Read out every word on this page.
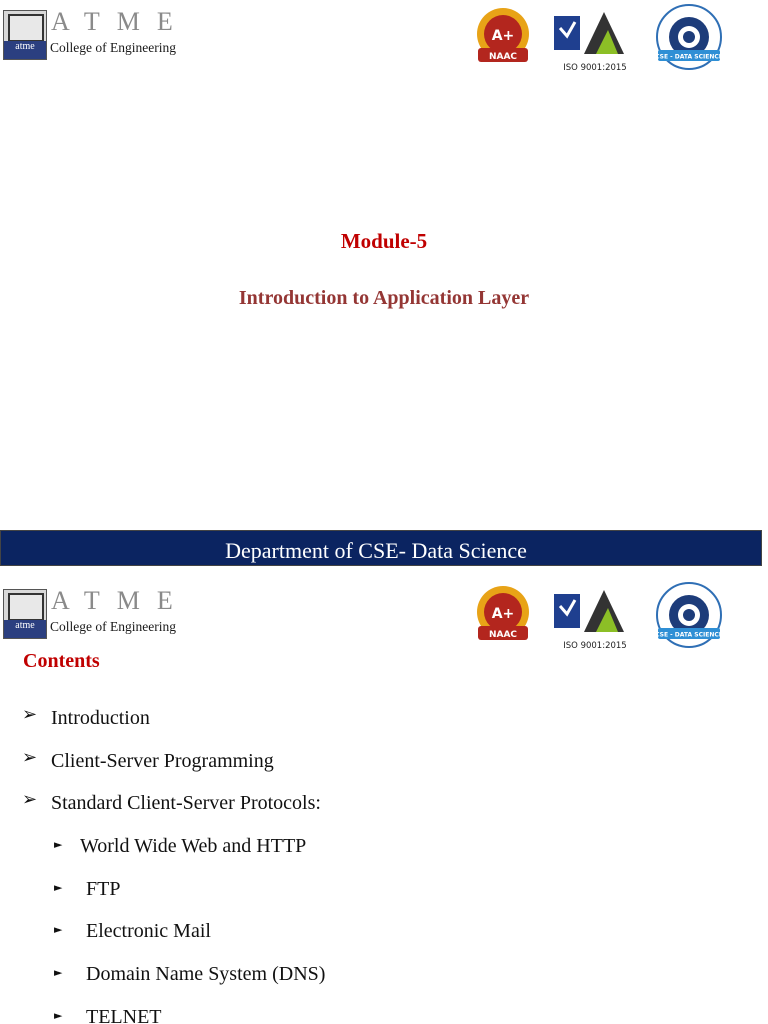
atme
ATME
College of Engineering
A+
NAAC
ISO 9001:2015
CSE - DATA SCIENCE
Module-5
Introduction to Application Layer
Department of CSE- Data Science
atme
ATME
College of Engineering
A+
NAAC
ISO 9001:2015
CSE - DATA SCIENCE
Contents
➢ Introduction
➢ Client-Server Programming
➢ Standard Client-Server Protocols:
► World Wide Web and HTTP
► FTP
► Electronic Mail
► Domain Name System (DNS)
► TELNET
